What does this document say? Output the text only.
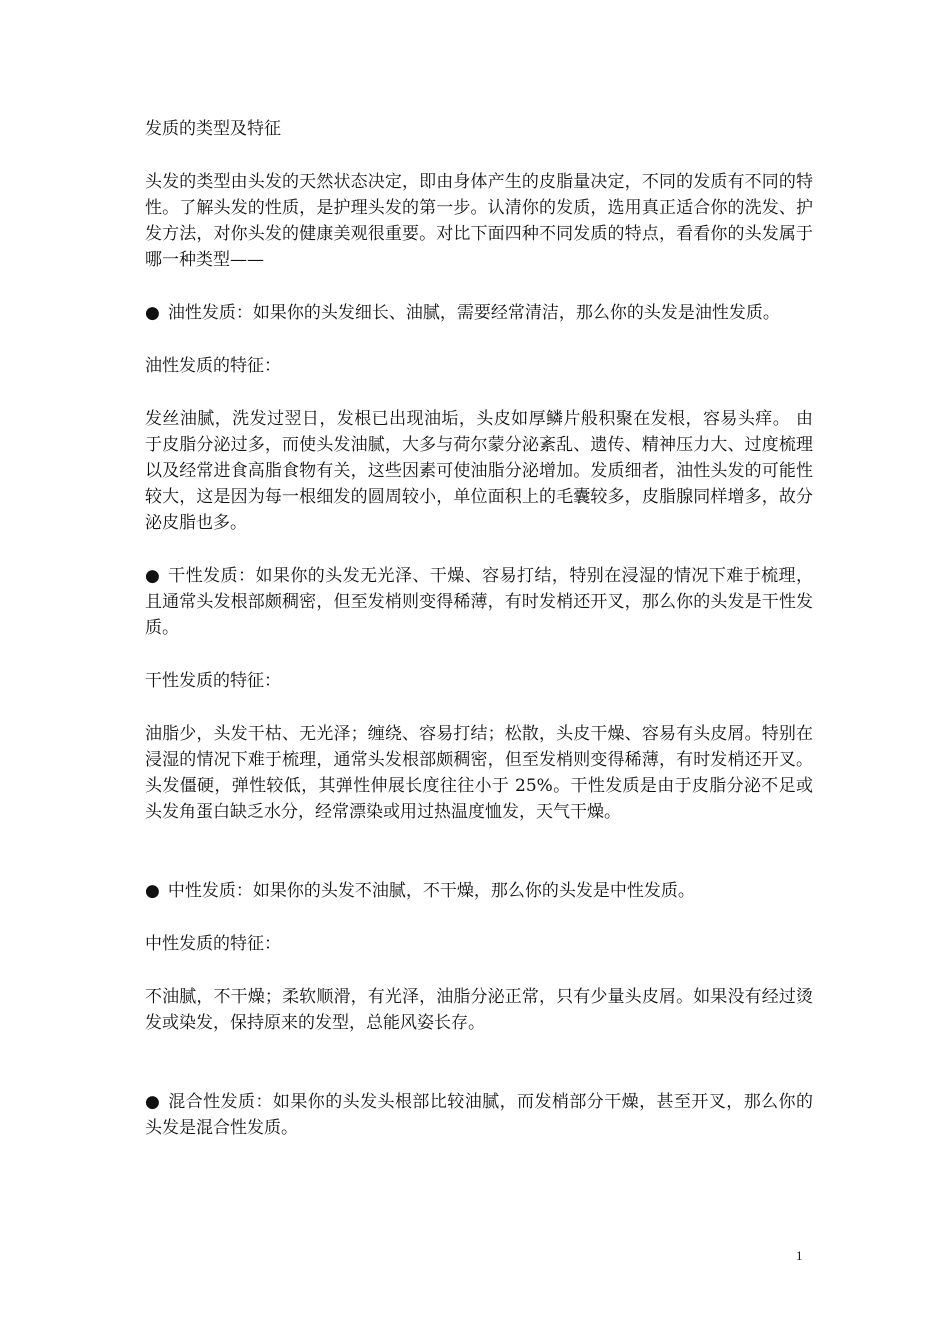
发质的类型及特征

头发的类型由头发的天然状态决定，即由身体产生的皮脂量决定，不同的发质有不同的特性。了解头发的性质，是护理头发的第一步。认清你的发质，选用真正适合你的洗发、护发方法，对你头发的健康美观很重要。对比下面四种不同发质的特点，看看你的头发属于哪一种类型——

● 油性发质：如果你的头发细长、油腻，需要经常清洁，那么你的头发是油性发质。

油性发质的特征：

发丝油腻，洗发过翌日，发根已出现油垢，头皮如厚鳞片般积聚在发根，容易头痒。 由于皮脂分泌过多，而使头发油腻，大多与荷尔蒙分泌紊乱、遗传、精神压力大、过度梳理以及经常进食高脂食物有关，这些因素可使油脂分泌增加。发质细者，油性头发的可能性较大，这是因为每一根细发的圆周较小，单位面积上的毛囊较多，皮脂腺同样增多，故分泌皮脂也多。

● 干性发质：如果你的头发无光泽、干燥、容易打结，特别在浸湿的情况下难于梳理，且通常头发根部颇稠密，但至发梢则变得稀薄，有时发梢还开叉，那么你的头发是干性发质。

干性发质的特征：

油脂少，头发干枯、无光泽；缠绕、容易打结；松散，头皮干燥、容易有头皮屑。特别在浸湿的情况下难于梳理，通常头发根部颇稠密，但至发梢则变得稀薄，有时发梢还开叉。头发僵硬，弹性较低，其弹性伸展长度往往小于 25%。干性发质是由于皮脂分泌不足或头发角蛋白缺乏水分，经常漂染或用过热温度恤发，天气干燥。

● 中性发质：如果你的头发不油腻，不干燥，那么你的头发是中性发质。

中性发质的特征：

不油腻，不干燥；柔软顺滑，有光泽，油脂分泌正常，只有少量头皮屑。如果没有经过烫发或染发，保持原来的发型，总能风姿长存。

● 混合性发质：如果你的头发头根部比较油腻，而发梢部分干燥，甚至开叉，那么你的头发是混合性发质。

1
